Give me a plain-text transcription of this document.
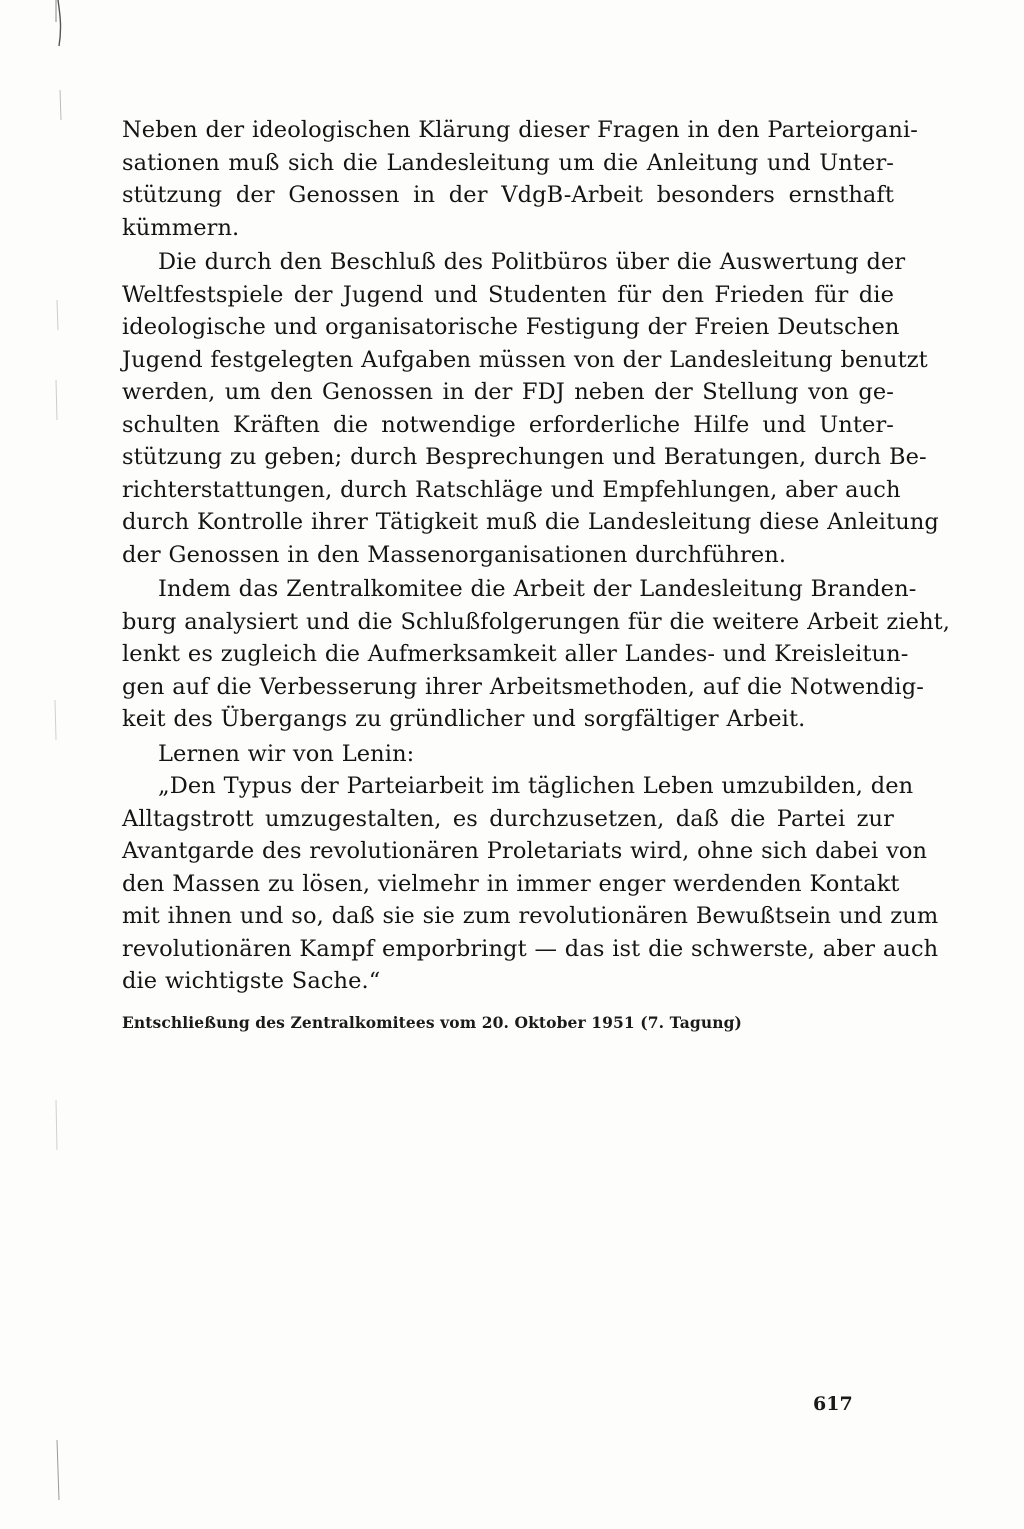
Neben der ideologischen Klärung dieser Fragen in den Parteiorgani-
sationen muß sich die Landesleitung um die Anleitung und Unter-
stützung der Genossen in der VdgB-Arbeit besonders ernsthaft
kümmern.
Die durch den Beschluß des Politbüros über die Auswertung der
Weltfestspiele der Jugend und Studenten für den Frieden für die
ideologische und organisatorische Festigung der Freien Deutschen
Jugend festgelegten Aufgaben müssen von der Landesleitung benutzt
werden, um den Genossen in der FDJ neben der Stellung von ge-
schulten Kräften die notwendige erforderliche Hilfe und Unter-
stützung zu geben; durch Besprechungen und Beratungen, durch Be-
richterstattungen, durch Ratschläge und Empfehlungen, aber auch
durch Kontrolle ihrer Tätigkeit muß die Landesleitung diese Anleitung
der Genossen in den Massenorganisationen durchführen.
Indem das Zentralkomitee die Arbeit der Landesleitung Branden-
burg analysiert und die Schlußfolgerungen für die weitere Arbeit zieht,
lenkt es zugleich die Aufmerksamkeit aller Landes- und Kreisleitun-
gen auf die Verbesserung ihrer Arbeitsmethoden, auf die Notwendig-
keit des Übergangs zu gründlicher und sorgfältiger Arbeit.
Lernen wir von Lenin:
„Den Typus der Parteiarbeit im täglichen Leben umzubilden, den
Alltagstrott umzugestalten, es durchzusetzen, daß die Partei zur
Avantgarde des revolutionären Proletariats wird, ohne sich dabei von
den Massen zu lösen, vielmehr in immer enger werdenden Kontakt
mit ihnen und so, daß sie sie zum revolutionären Bewußtsein und zum
revolutionären Kampf emporbringt — das ist die schwerste, aber auch
die wichtigste Sache.“
Entschließung des Zentralkomitees vom 20. Oktober 1951 (7. Tagung)
617
